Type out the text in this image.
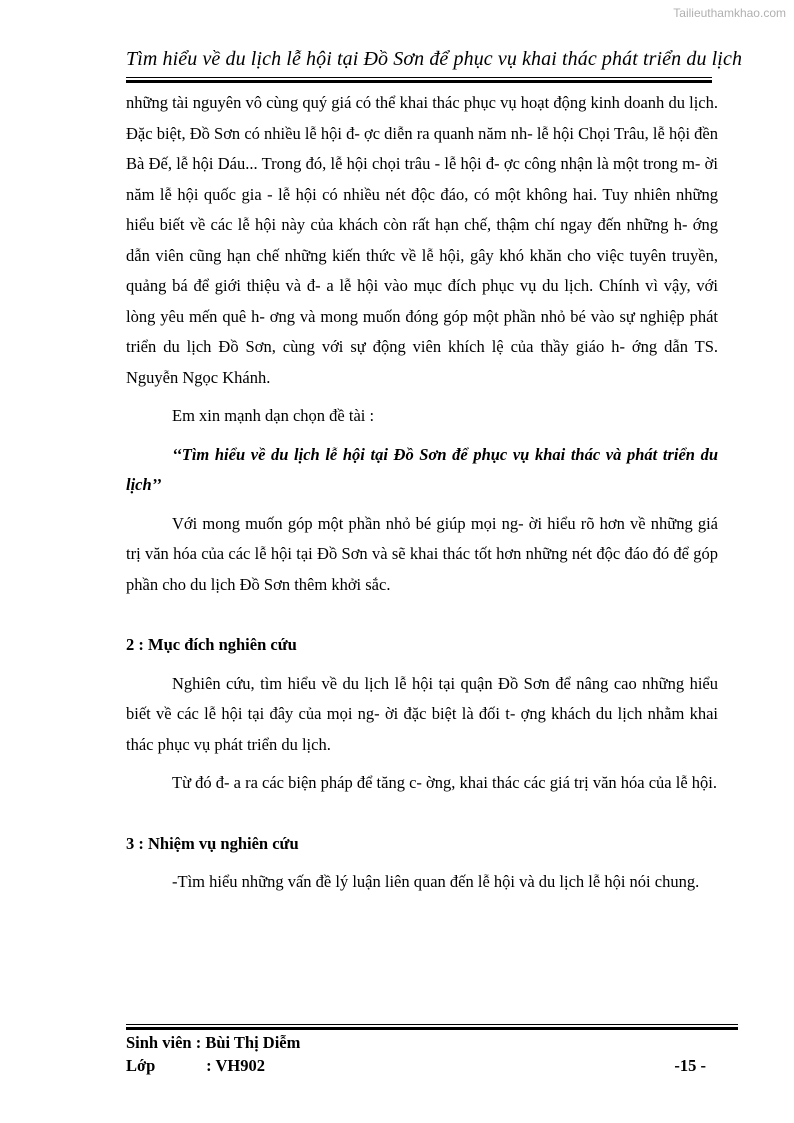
Tailieuthamkhao.com
Tìm hiểu về du lịch lễ hội tại Đồ Sơn để phục vụ khai thác phát triển du lịch

những tài nguyên vô cùng quý giá có thể khai thác phục vụ hoạt động kinh doanh du lịch. Đặc biệt, Đồ Sơn có nhiều lễ hội đ- ợc diễn ra quanh năm nh- lễ hội Chọi Trâu, lễ hội đền Bà Đế, lễ hội Dáu... Trong đó, lễ hội chọi trâu - lễ hội đ- ợc công nhận là một trong m- ời năm lễ hội quốc gia - lễ hội có nhiều nét độc đáo, có một không hai. Tuy nhiên những hiểu biết về các lễ hội này của khách còn rất hạn chế, thậm chí ngay đến những h- ớng dẫn viên cũng hạn chế những kiến thức về lễ hội, gây khó khăn cho việc tuyên truyền, quảng bá để giới thiệu và đ- a lễ hội vào mục đích phục vụ du lịch. Chính vì vậy, với lòng yêu mến quê h- ơng và mong muốn đóng góp một phần nhỏ bé vào sự nghiệp phát triển du lịch Đồ Sơn, cùng với sự động viên khích lệ của thầy giáo h- ớng dẫn TS. Nguyễn Ngọc Khánh.

Em xin mạnh dạn chọn đề tài :

‘‘Tìm hiểu về du lịch lễ hội tại Đồ Sơn để phục vụ khai thác và phát triển du lịch’’

Với mong muốn góp một phần nhỏ bé giúp mọi ng- ời hiểu rõ hơn về những giá trị văn hóa của các lễ hội tại Đồ Sơn và sẽ khai thác tốt hơn những nét độc đáo đó để góp phần cho du lịch Đồ Sơn thêm khởi sắc.

2 : Mục đích nghiên cứu

Nghiên cứu, tìm hiểu về du lịch lễ hội tại quận Đồ Sơn để nâng cao những hiểu biết về các lễ hội tại đây của mọi ng- ời đặc biệt là đối t- ợng khách du lịch nhằm khai thác phục vụ phát triển du lịch.

Từ đó đ- a ra các biện pháp để tăng c- ờng, khai thác các giá trị văn hóa của lễ hội.

3 : Nhiệm vụ nghiên cứu

-Tìm hiểu những vấn đề lý luận liên quan đến lễ hội và du lịch lễ hội nói chung.

Sinh viên : Bùi Thị Diễm
Lớp	: VH902	-15 -
